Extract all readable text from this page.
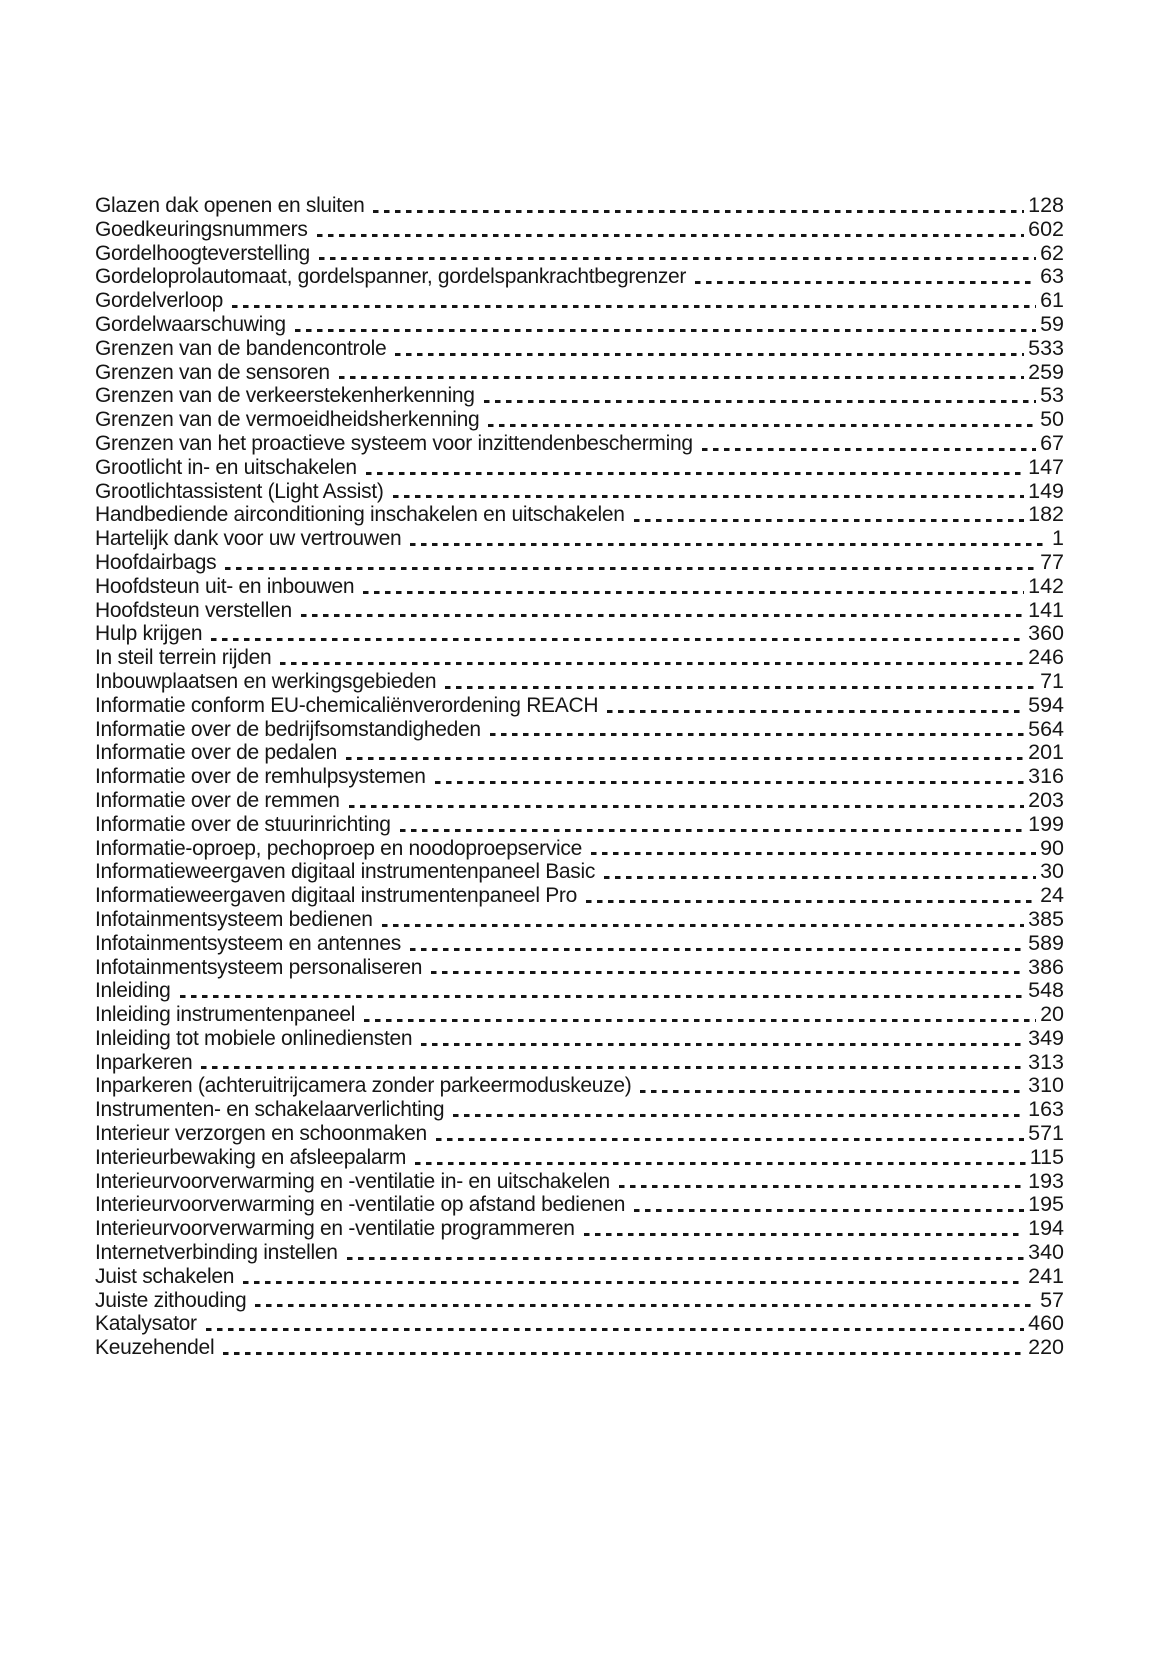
Glazen dak openen en sluiten	128
Goedkeuringsnummers	602
Gordelhoogteverstelling	62
Gordeloprolautomaat, gordelspanner, gordelspankrachtbegrenzer	63
Gordelverloop	61
Gordelwaarschuwing	59
Grenzen van de bandencontrole	533
Grenzen van de sensoren	259
Grenzen van de verkeerstekenherkenning	53
Grenzen van de vermoeidheidsherkenning	50
Grenzen van het proactieve systeem voor inzittendenbescherming	67
Grootlicht in- en uitschakelen	147
Grootlichtassistent (Light Assist)	149
Handbediende airconditioning inschakelen en uitschakelen	182
Hartelijk dank voor uw vertrouwen	1
Hoofdairbags	77
Hoofdsteun uit- en inbouwen	142
Hoofdsteun verstellen	141
Hulp krijgen	360
In steil terrein rijden	246
Inbouwplaatsen en werkingsgebieden	71
Informatie conform EU-chemicaliënverordening REACH	594
Informatie over de bedrijfsomstandigheden	564
Informatie over de pedalen	201
Informatie over de remhulpsystemen	316
Informatie over de remmen	203
Informatie over de stuurinrichting	199
Informatie-oproep, pechoproep en noodoproepservice	90
Informatieweergaven digitaal instrumentenpaneel Basic	30
Informatieweergaven digitaal instrumentenpaneel Pro	24
Infotainmentsysteem bedienen	385
Infotainmentsysteem en antennes	589
Infotainmentsysteem personaliseren	386
Inleiding	548
Inleiding instrumentenpaneel	20
Inleiding tot mobiele onlinediensten	349
Inparkeren	313
Inparkeren (achteruitrijcamera zonder parkeermoduskeuze)	310
Instrumenten- en schakelaarverlichting	163
Interieur verzorgen en schoonmaken	571
Interieurbewaking en afsleepalarm	115
Interieurvoorverwarming en -ventilatie in- en uitschakelen	193
Interieurvoorverwarming en -ventilatie op afstand bedienen	195
Interieurvoorverwarming en -ventilatie programmeren	194
Internetverbinding instellen	340
Juist schakelen	241
Juiste zithouding	57
Katalysator	460
Keuzehendel	220
